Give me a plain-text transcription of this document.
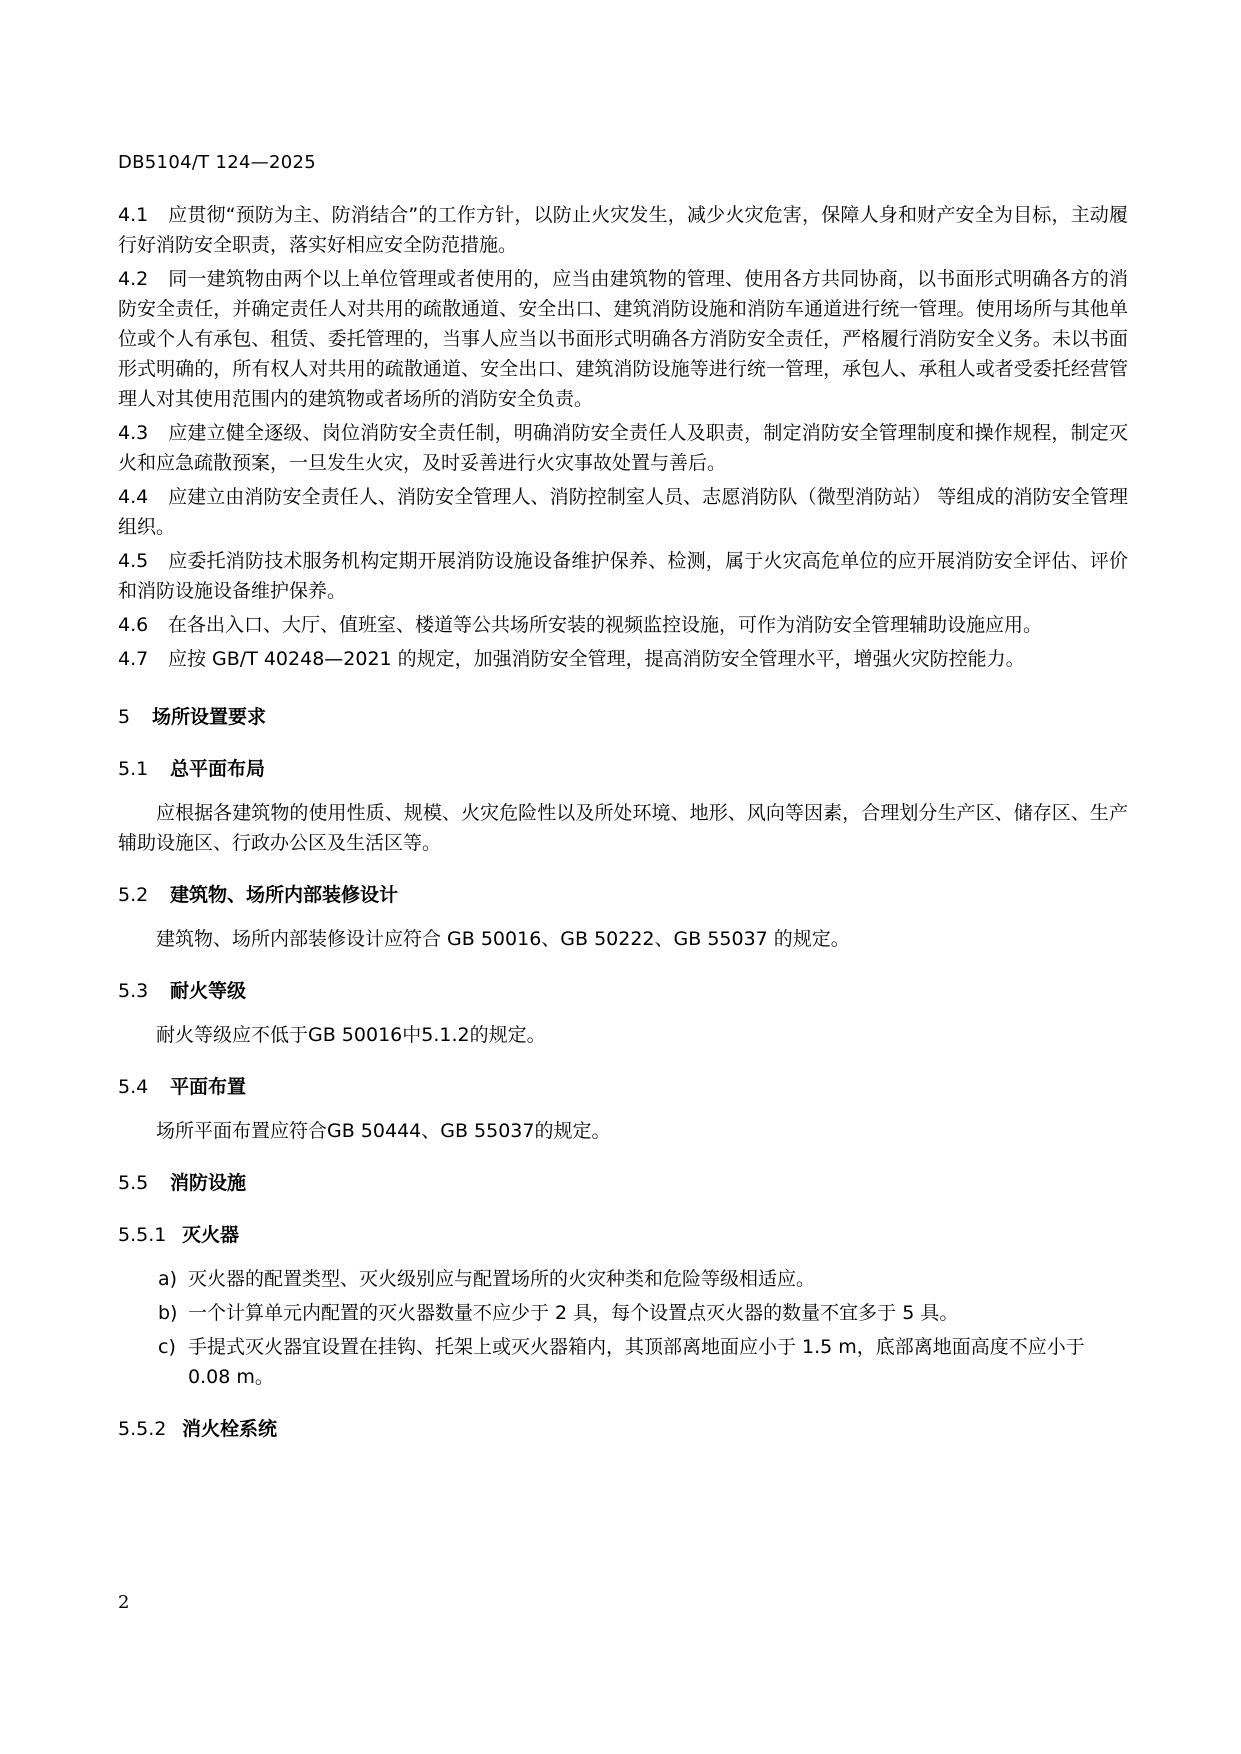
DB5104/T 124—2025

4.1 应贯彻“预防为主、防消结合”的工作方针，以防止火灾发生，减少火灾危害，保障人身和财产安全为目标，主动履行好消防安全职责，落实好相应安全防范措施。

4.2 同一建筑物由两个以上单位管理或者使用的，应当由建筑物的管理、使用各方共同协商，以书面形式明确各方的消防安全责任，并确定责任人对共用的疏散通道、安全出口、建筑消防设施和消防车通道进行统一管理。使用场所与其他单位或个人有承包、租赁、委托管理的，当事人应当以书面形式明确各方消防安全责任，严格履行消防安全义务。未以书面形式明确的，所有权人对共用的疏散通道、安全出口、建筑消防设施等进行统一管理，承包人、承租人或者受委托经营管理人对其使用范围内的建筑物或者场所的消防安全负责。

4.3 应建立健全逐级、岗位消防安全责任制，明确消防安全责任人及职责，制定消防安全管理制度和操作规程，制定灭火和应急疏散预案，一旦发生火灾，及时妥善进行火灾事故处置与善后。

4.4 应建立由消防安全责任人、消防安全管理人、消防控制室人员、志愿消防队（微型消防站） 等组成的消防安全管理组织。

4.5 应委托消防技术服务机构定期开展消防设施设备维护保养、检测，属于火灾高危单位的应开展消防安全评估、评价和消防设施设备维护保养。

4.6 在各出入口、大厅、值班室、楼道等公共场所安装的视频监控设施，可作为消防安全管理辅助设施应用。

4.7 应按 GB/T 40248—2021 的规定，加强消防安全管理，提高消防安全管理水平，增强火灾防控能力。

5 场所设置要求
5.1 总平面布局

应根据各建筑物的使用性质、规模、火灾危险性以及所处环境、地形、风向等因素，合理划分生产区、储存区、生产辅助设施区、行政办公区及生活区等。

5.2 建筑物、场所内部装修设计

建筑物、场所内部装修设计应符合 GB 50016、GB 50222、GB 55037 的规定。

5.3 耐火等级

耐火等级应不低于GB 50016中5.1.2的规定。

5.4 平面布置

场所平面布置应符合GB 50444、GB 55037的规定。

5.5 消防设施
5.5.1 灭火器
a) 灭火器的配置类型、灭火级别应与配置场所的火灾种类和危险等级相适应。
b) 一个计算单元内配置的灭火器数量不应少于 2 具，每个设置点灭火器的数量不宜多于 5 具。
c) 手提式灭火器宜设置在挂钩、托架上或灭火器箱内，其顶部离地面应小于 1.5 m，底部离地面高度不应小于 0.08 m。
5.5.2 消火栓系统
2
